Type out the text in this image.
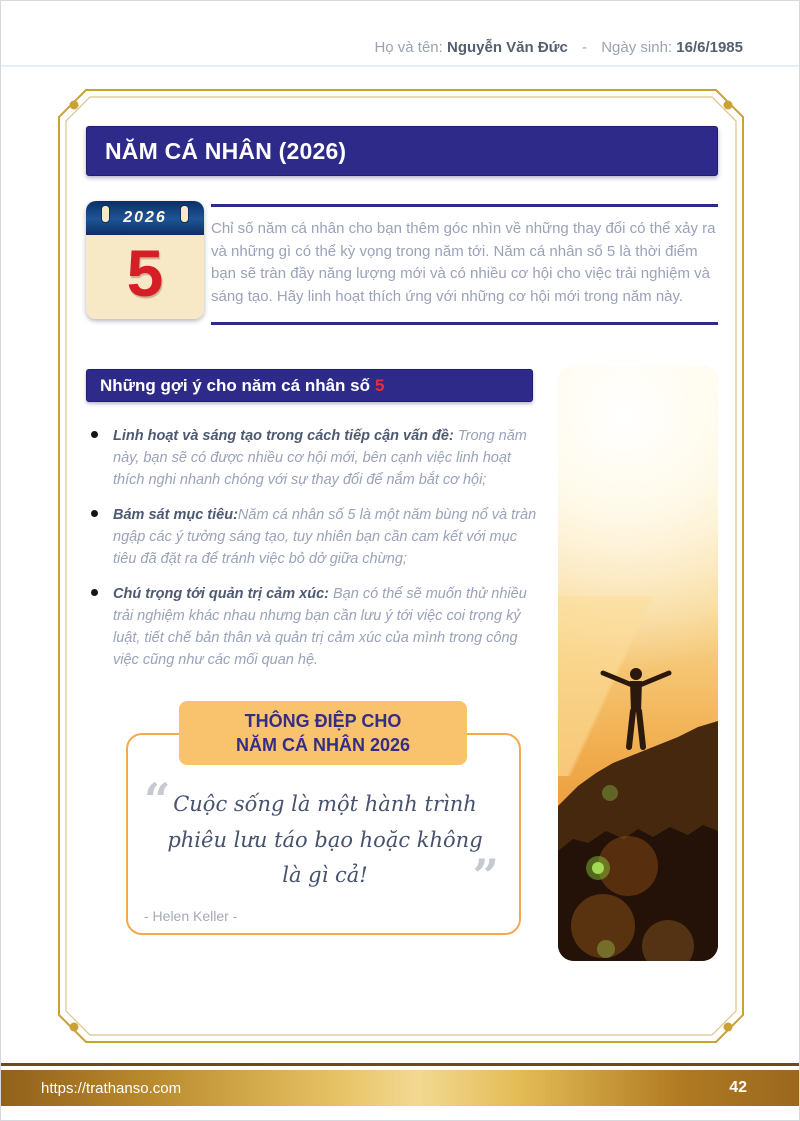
Họ và tên: Nguyễn Văn Đức - Ngày sinh: 16/6/1985
NĂM CÁ NHÂN (2026)
2026
5
Chỉ số năm cá nhân cho bạn thêm góc nhìn về những thay đổi có thể xảy ra và những gì có thể kỳ vọng trong năm tới. Năm cá nhân số 5 là thời điểm bạn sẽ tràn đầy năng lượng mới và có nhiều cơ hội cho việc trải nghiệm và sáng tạo. Hãy linh hoạt thích ứng với những cơ hội mới trong năm này.
Những gợi ý cho năm cá nhân số 5
Linh hoạt và sáng tạo trong cách tiếp cận vấn đề: Trong năm này, bạn sẽ có được nhiều cơ hội mới, bên cạnh việc linh hoạt thích nghi nhanh chóng với sự thay đổi để nắm bắt cơ hội;
Bám sát mục tiêu:Năm cá nhân số 5 là một năm bùng nổ và tràn ngập các ý tưởng sáng tạo, tuy nhiên bạn cần cam kết với mục tiêu đã đặt ra để tránh việc bỏ dở giữa chừng;
Chú trọng tới quản trị cảm xúc: Bạn có thể sẽ muốn thử nhiều trải nghiệm khác nhau nhưng bạn cần lưu ý tới việc coi trọng kỷ luật, tiết chế bản thân và quản trị cảm xúc của mình trong công việc cũng như các mối quan hệ.
THÔNG ĐIỆP CHO
NĂM CÁ NHÂN 2026
“ Cuộc sống là một hành trình phiêu lưu táo bạo hoặc không là gì cả!	”
- Helen Keller -
https://trathanso.com	42
